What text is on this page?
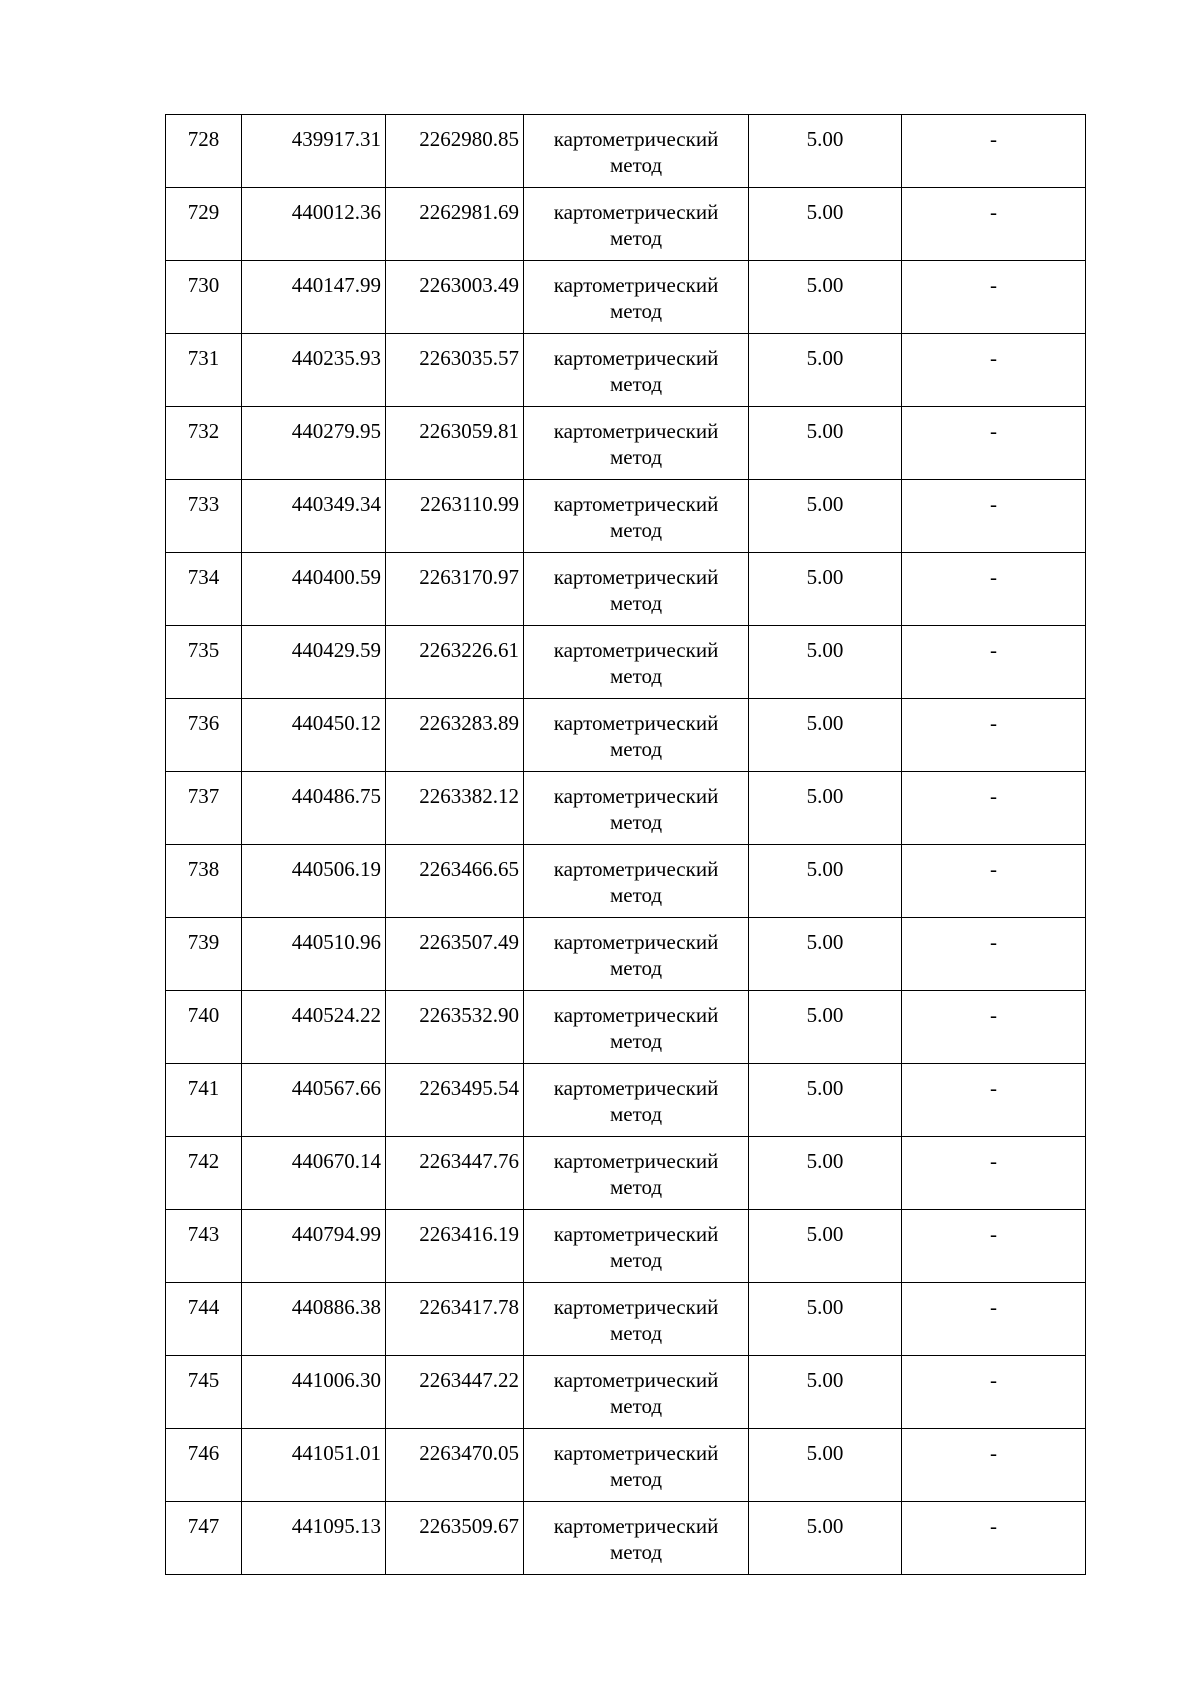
728	439917.31	2262980.85	картометрический метод	5.00	-
729	440012.36	2262981.69	картометрический метод	5.00	-
730	440147.99	2263003.49	картометрический метод	5.00	-
731	440235.93	2263035.57	картометрический метод	5.00	-
732	440279.95	2263059.81	картометрический метод	5.00	-
733	440349.34	2263110.99	картометрический метод	5.00	-
734	440400.59	2263170.97	картометрический метод	5.00	-
735	440429.59	2263226.61	картометрический метод	5.00	-
736	440450.12	2263283.89	картометрический метод	5.00	-
737	440486.75	2263382.12	картометрический метод	5.00	-
738	440506.19	2263466.65	картометрический метод	5.00	-
739	440510.96	2263507.49	картометрический метод	5.00	-
740	440524.22	2263532.90	картометрический метод	5.00	-
741	440567.66	2263495.54	картометрический метод	5.00	-
742	440670.14	2263447.76	картометрический метод	5.00	-
743	440794.99	2263416.19	картометрический метод	5.00	-
744	440886.38	2263417.78	картометрический метод	5.00	-
745	441006.30	2263447.22	картометрический метод	5.00	-
746	441051.01	2263470.05	картометрический метод	5.00	-
747	441095.13	2263509.67	картометрический метод	5.00	-
